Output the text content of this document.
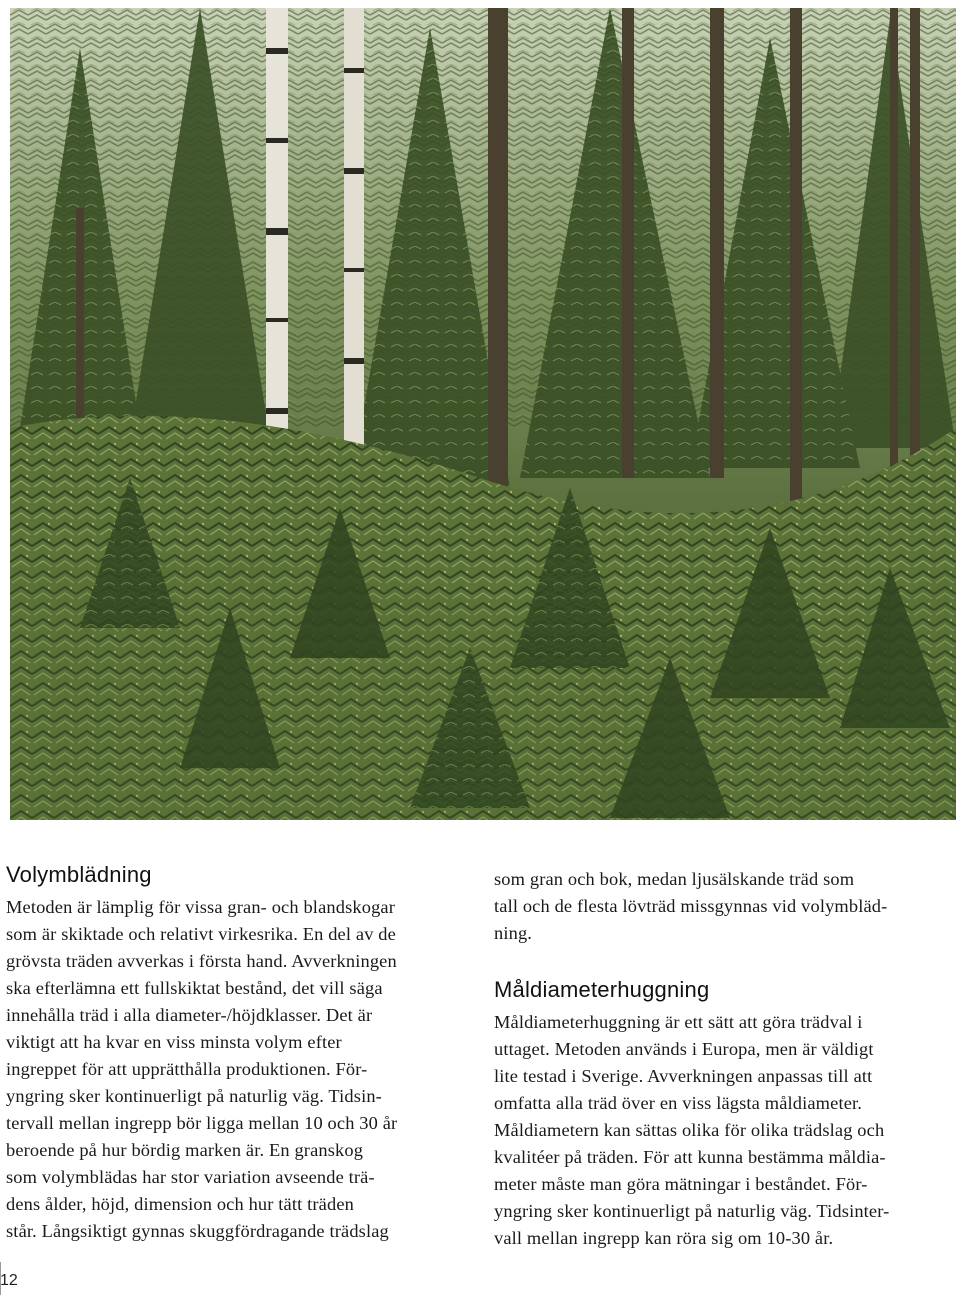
Volymblädning

Metoden är lämplig för vissa gran- och blandskogar
som är skiktade och relativt virkesrika. En del av de
grövsta träden avverkas i första hand. Avverkningen
ska efterlämna ett fullskiktat bestånd, det vill säga
innehålla träd i alla diameter-/höjdklasser. Det är
viktigt att ha kvar en viss minsta volym efter
ingreppet för att upprätthålla produktionen. För-
yngring sker kontinuerligt på naturlig väg. Tidsin-
tervall mellan ingrepp bör ligga mellan 10 och 30 år
beroende på hur bördig marken är. En granskog
som volymblädas har stor variation avseende trä-
dens ålder, höjd, dimension och hur tätt träden
står. Långsiktigt gynnas skuggfördragande trädslag

som gran och bok, medan ljusälskande träd som
tall och de flesta lövträd missgynnas vid volymbläd-
ning.

Måldiameterhuggning

Måldiameterhuggning är ett sätt att göra trädval i
uttaget. Metoden används i Europa, men är väldigt
lite testad i Sverige. Avverkningen anpassas till att
omfatta alla träd över en viss lägsta måldiameter.
Måldiametern kan sättas olika för olika trädslag och
kvalitéer på träden. För att kunna bestämma måldia-
meter måste man göra mätningar i beståndet. För-
yngring sker kontinuerligt på naturlig väg. Tidsinter-
vall mellan ingrepp kan röra sig om 10-30 år.

12
